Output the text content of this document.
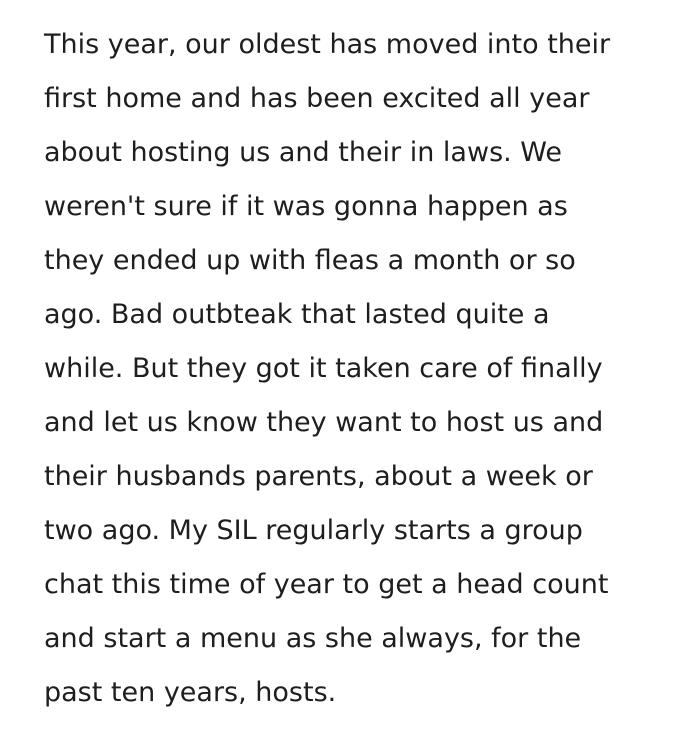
This year, our oldest has moved into their
first home and has been excited all year
about hosting us and their in laws. We
weren't sure if it was gonna happen as
they ended up with fleas a month or so
ago. Bad outbteak that lasted quite a
while. But they got it taken care of finally
and let us know they want to host us and
their husbands parents, about a week or
two ago. My SIL regularly starts a group
chat this time of year to get a head count
and start a menu as she always, for the
past ten years, hosts.
